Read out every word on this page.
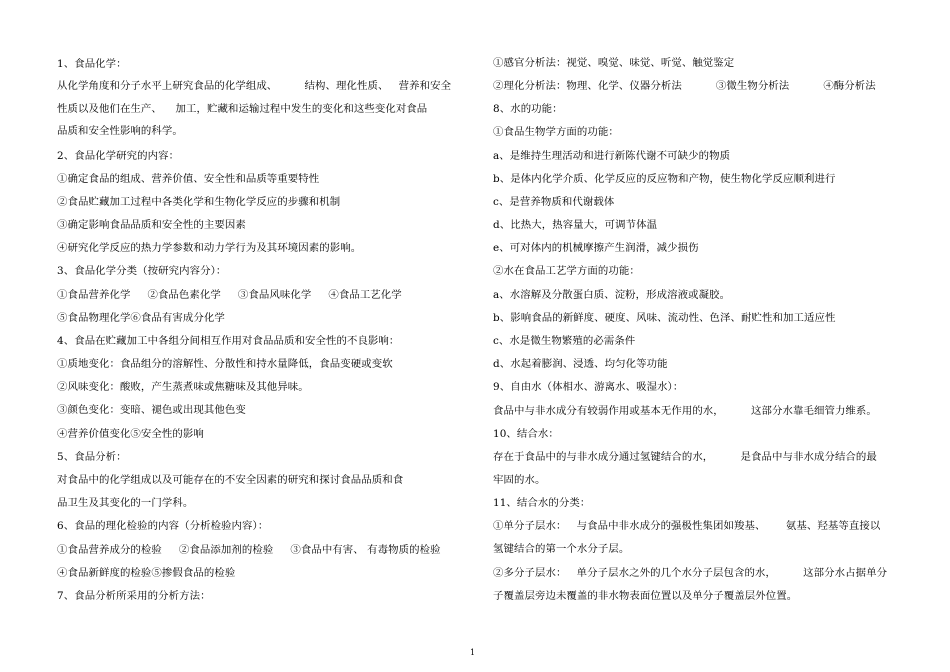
1、食品化学：
从化学角度和分子水平上研究食品的化学组成、        结构、理化性质、   营养和安全
性质以及他们在生产、    加工，贮藏和运输过程中发生的变化和这些变化对食品
品质和安全性影响的科学。
2、食品化学研究的内容：
①确定食品的组成、营养价值、安全性和品质等重要特性
②食品贮藏加工过程中各类化学和生物化学反应的步骤和机制
③确定影响食品品质和安全性的主要因素
④研究化学反应的热力学参数和动力学行为及其环境因素的影响。
3、食品化学分类（按研究内容分）：
①食品营养化学     ②食品色素化学     ③食品风味化学     ④食品工艺化学
⑤食品物理化学⑥食品有害成分化学
4、食品在贮藏加工中各组分间相互作用对食品品质和安全性的不良影响：
①质地变化：食品组分的溶解性、分散性和持水量降低，食品变硬或变软
②风味变化：酸败，产生蒸煮味或焦糖味及其他异味。
③颜色变化：变暗、褪色或出现其他色变
④营养价值变化⑤安全性的影响
5、食品分析：
对食品中的化学组成以及可能存在的不安全因素的研究和探讨食品品质和食
品卫生及其变化的一门学科。
6、食品的理化检验的内容（分析检验内容）：
①食品营养成分的检验     ②食品添加剂的检验     ③食品中有害、 有毒物质的检验
④食品新鲜度的检验⑤掺假食品的检验
7、食品分析所采用的分析方法：
①感官分析法：视觉、嗅觉、味觉、听觉、触觉鉴定
②理化分析法：物理、化学、仪器分析法          ③微生物分析法          ④酶分析法
8、水的功能：
①食品生物学方面的功能：
a、是维持生理活动和进行新陈代谢不可缺少的物质
b、是体内化学介质、化学反应的反应物和产物，使生物化学反应顺利进行
c、是营养物质和代谢载体
d、比热大，热容量大，可调节体温
e、可对体内的机械摩擦产生润滑，减少损伤
②水在食品工艺学方面的功能：
a、水溶解及分散蛋白质、淀粉，形成溶液或凝胶。
b、影响食品的新鲜度、硬度、风味、流动性、色泽、耐贮性和加工适应性
c、水是微生物繁殖的必需条件
d、水起着膨润、浸透、均匀化等功能
9、自由水（体相水、游离水、吸湿水）：
食品中与非水成分有较弱作用或基本无作用的水，        这部分水靠毛细管力维系。
10、结合水：
存在于食品中的与非水成分通过氢键结合的水，        是食品中与非水成分结合的最
牢固的水。
11、结合水的分类：
①单分子层水：   与食品中非水成分的强极性集团如羧基、      氨基、羟基等直接以
氢键结合的第一个水分子层。
②多分子层水：   单分子层水之外的几个水分子层包含的水，        这部分水占据单分
子覆盖层旁边未覆盖的非水物表面位置以及单分子覆盖层外位置。
1
